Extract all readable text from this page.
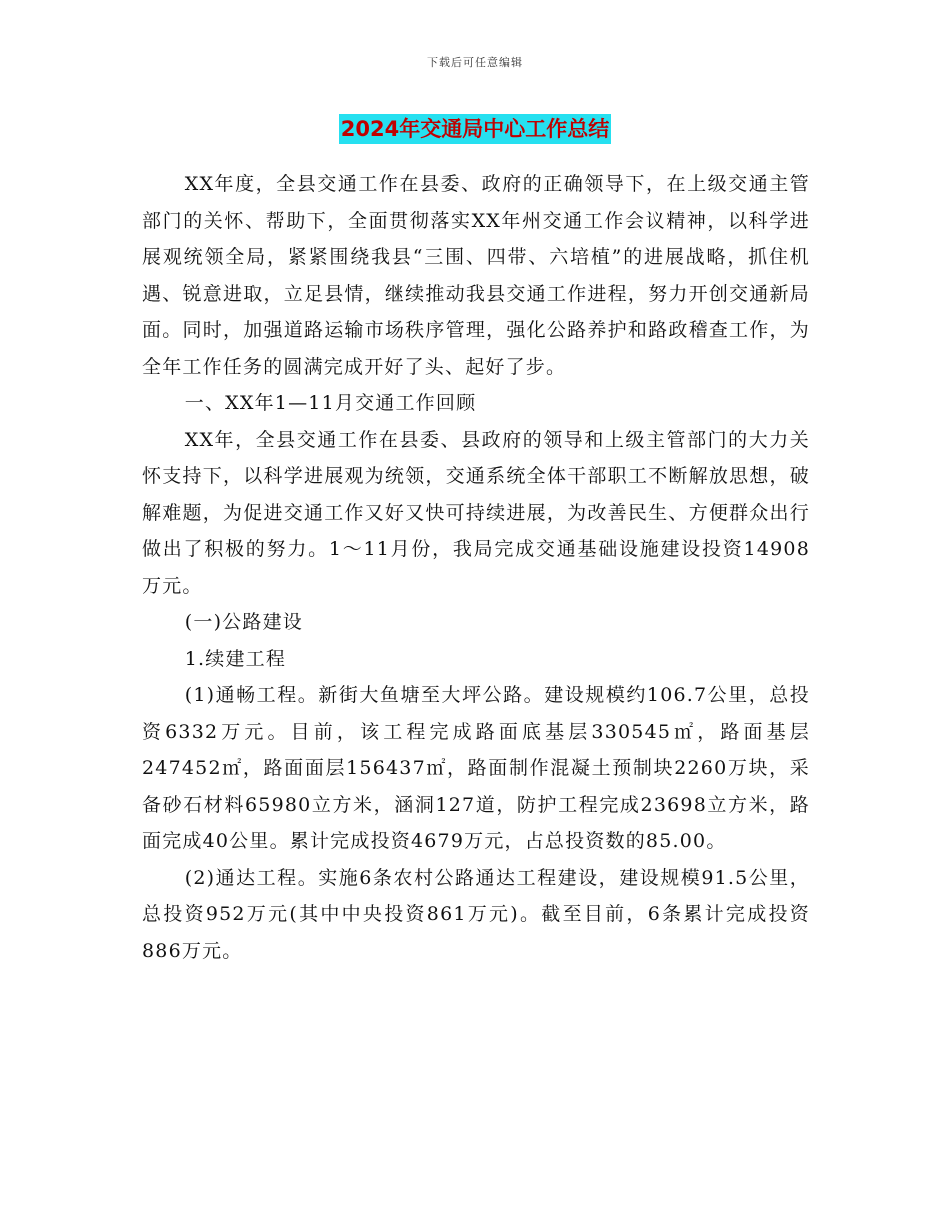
下载后可任意编辑
2024年交通局中心工作总结

XX年度，全县交通工作在县委、政府的正确领导下，在上级交通主管部门的关怀、帮助下，全面贯彻落实XX年州交通工作会议精神，以科学进展观统领全局，紧紧围绕我县“三围、四带、六培植”的进展战略，抓住机遇、锐意进取，立足县情，继续推动我县交通工作进程，努力开创交通新局面。同时，加强道路运输市场秩序管理，强化公路养护和路政稽查工作，为全年工作任务的圆满完成开好了头、起好了步。

一、XX年1—11月交通工作回顾

XX年，全县交通工作在县委、县政府的领导和上级主管部门的大力关怀支持下，以科学进展观为统领，交通系统全体干部职工不断解放思想，破解难题，为促进交通工作又好又快可持续进展，为改善民生、方便群众出行做出了积极的努力。1～11月份，我局完成交通基础设施建设投资14908万元。

(一)公路建设

1.续建工程

(1)通畅工程。新街大鱼塘至大坪公路。建设规模约106.7公里，总投资6332万元。目前，该工程完成路面底基层330545㎡，路面基层247452㎡，路面面层156437㎡，路面制作混凝土预制块2260万块，采备砂石材料65980立方米，涵洞127道，防护工程完成23698立方米，路面完成40公里。累计完成投资4679万元，占总投资数的85.00。

(2)通达工程。实施6条农村公路通达工程建设，建设规模91.5公里，总投资952万元(其中中央投资861万元)。截至目前，6条累计完成投资886万元。
